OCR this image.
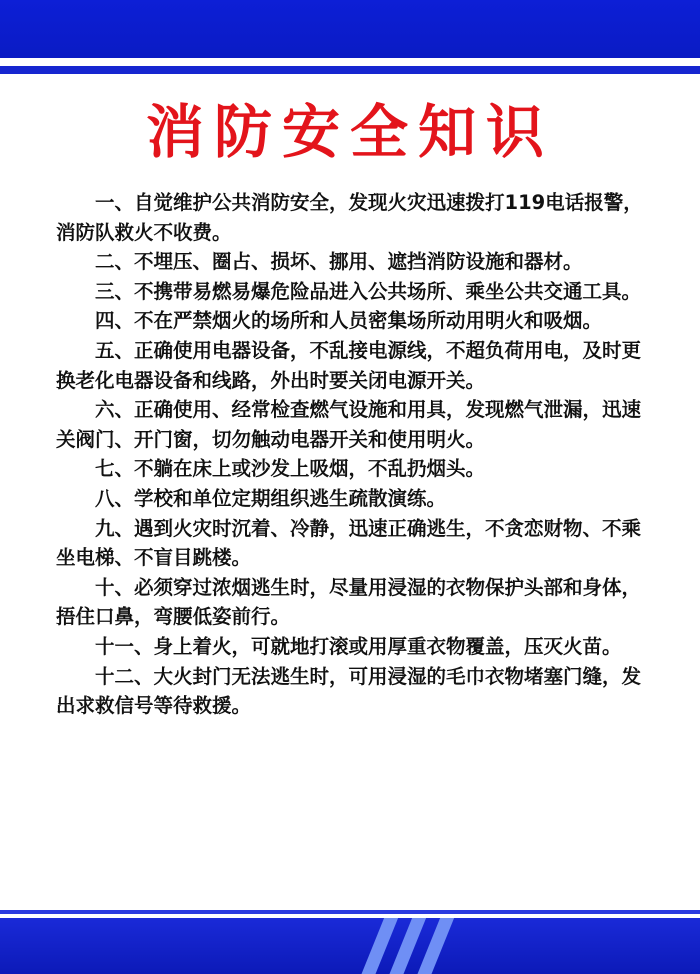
消防安全知识

一、自觉维护公共消防安全，发现火灾迅速拨打119电话报警，消防队救火不收费。

二、不埋压、圈占、损坏、挪用、遮挡消防设施和器材。

三、不携带易燃易爆危险品进入公共场所、乘坐公共交通工具。

四、不在严禁烟火的场所和人员密集场所动用明火和吸烟。

五、正确使用电器设备，不乱接电源线，不超负荷用电，及时更换老化电器设备和线路，外出时要关闭电源开关。

六、正确使用、经常检查燃气设施和用具，发现燃气泄漏，迅速关阀门、开门窗，切勿触动电器开关和使用明火。

七、不躺在床上或沙发上吸烟，不乱扔烟头。

八、学校和单位定期组织逃生疏散演练。

九、遇到火灾时沉着、冷静，迅速正确逃生，不贪恋财物、不乘坐电梯、不盲目跳楼。

十、必须穿过浓烟逃生时，尽量用浸湿的衣物保护头部和身体，捂住口鼻，弯腰低姿前行。

十一、身上着火，可就地打滚或用厚重衣物覆盖，压灭火苗。

十二、大火封门无法逃生时，可用浸湿的毛巾衣物堵塞门缝，发出求救信号等待救援。
